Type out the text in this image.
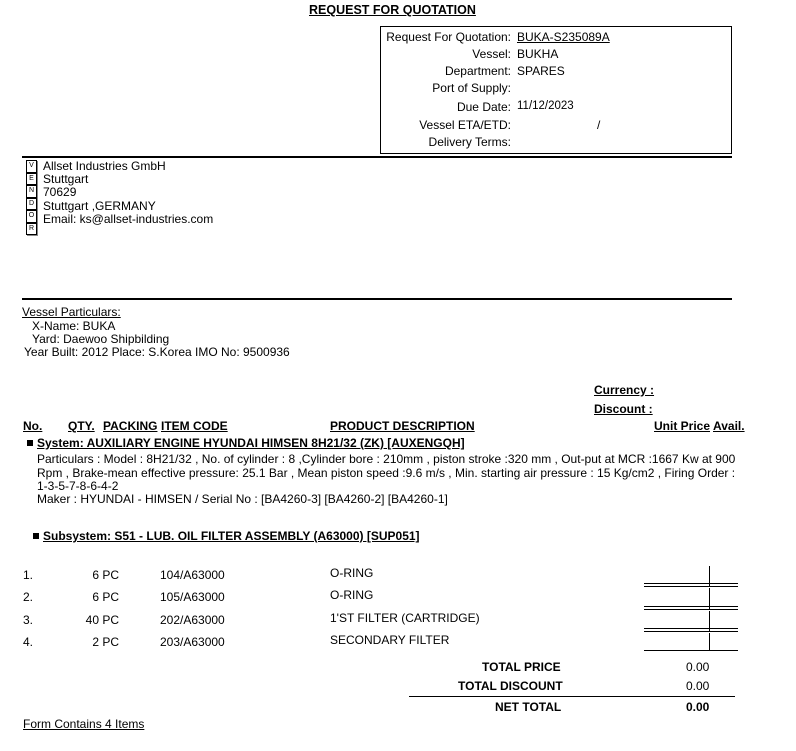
REQUEST FOR QUOTATION
Request For Quotation: BUKA-S235089A
Vessel: BUKHA
Department: SPARES
Port of Supply:
Due Date: 11/12/2023
Vessel ETA/ETD:	/
Delivery Terms:
V
E
N
D
O
R
Allset Industries GmbH
Stuttgart
70629
Stuttgart ,GERMANY
Email: ks@allset-industries.com
Vessel Particulars:
X-Name: BUKA
Yard: Daewoo Shipbilding
Year Built: 2012 Place: S.Korea IMO No: 9500936
Currency :
Discount :
No. QTY. PACKING ITEM CODE	PRODUCT DESCRIPTION	Unit Price Avail.
System: AUXILIARY ENGINE HYUNDAI HIMSEN 8H21/32 (ZK) [AUXENGQH]
Particulars : Model : 8H21/32 , No. of cylinder : 8 ,Cylinder bore : 210mm , piston stroke :320 mm , Out-put at MCR :1667 Kw at 900
Rpm , Brake-mean effective pressure: 25.1 Bar , Mean piston speed :9.6 m/s , Min. starting air pressure : 15 Kg/cm2 , Firing Order :
1-3-5-7-8-6-4-2
Maker : HYUNDAI - HIMSEN / Serial No : [BA4260-3] [BA4260-2] [BA4260-1]
Subsystem: S51 - LUB. OIL FILTER ASSEMBLY (A63000) [SUP051]
1.	6 PC	104/A63000	O-RING
2.	6 PC	105/A63000	O-RING
3.	40 PC	202/A63000	1'ST FILTER (CARTRIDGE)
4.	2 PC	203/A63000	SECONDARY FILTER
TOTAL PRICE	0.00
TOTAL DISCOUNT	0.00
NET TOTAL	0.00
Form Contains 4 Items
